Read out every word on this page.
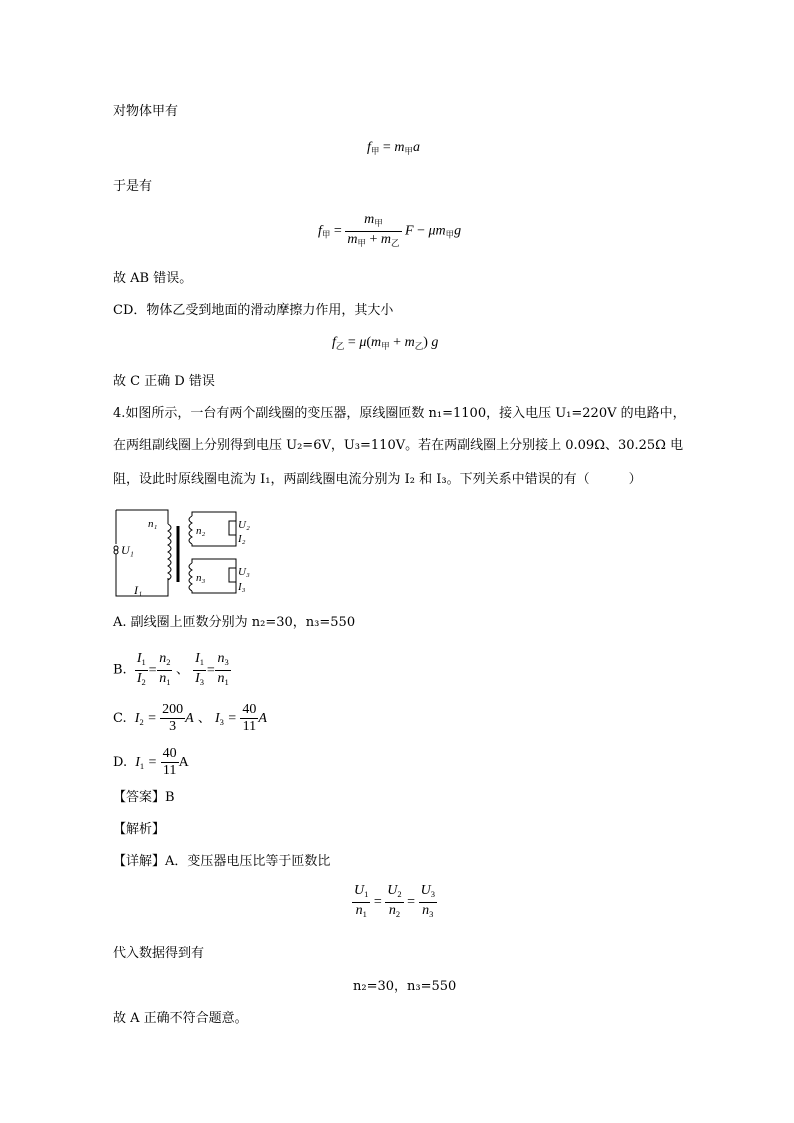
对物体甲有
$f_甲 = m_甲a$
于是有
$f_甲 = \frac{m_甲}{m_甲 + m_乙}$ $F - \mu m_甲g$
故 AB 错误。
CD．物体乙受到地面的滑动摩擦力作用，其大小
$f_乙 = \mu(m_甲 + m_乙)$ g
故 C 正确 D 错误
4.如图所示，一台有两个副线圈的变压器，原线圈匝数 n₁=1100，接入电压 U₁=220V 的电路中，
在两组副线圈上分别得到电压 U₂=6V，U₃=110V。若在两副线圈上分别接上 0.09Ω、30.25Ω 电
阻，设此时原线圈电流为 I₁，两副线圈电流分别为 I₂ 和 I₃。下列关系中错误的有（　　　）
n₁
U₁
I₁
n₂	U₂
I₂
n₃	U₃
I₃
A. 副线圈上匝数分别为 n₂=30，n₃=550
B. $\frac{I_1}{I_2} = \frac{n_2}{n_1}$ 、 $\frac{I_1}{I_3} = \frac{n_3}{n_1}$
C. $I_2 = \frac{200}{3}$ A 、 $I_3 = \frac{40}{11}$ A
D. $I_1 = \frac{40}{11}$ A
【答案】B
【解析】
【详解】A．变压器电压比等于匝数比
$\frac{U_1}{n_1} = \frac{U_2}{n_2} = \frac{U_3}{n_3}$
代入数据得到有
n₂=30，n₃=550
故 A 正确不符合题意。
